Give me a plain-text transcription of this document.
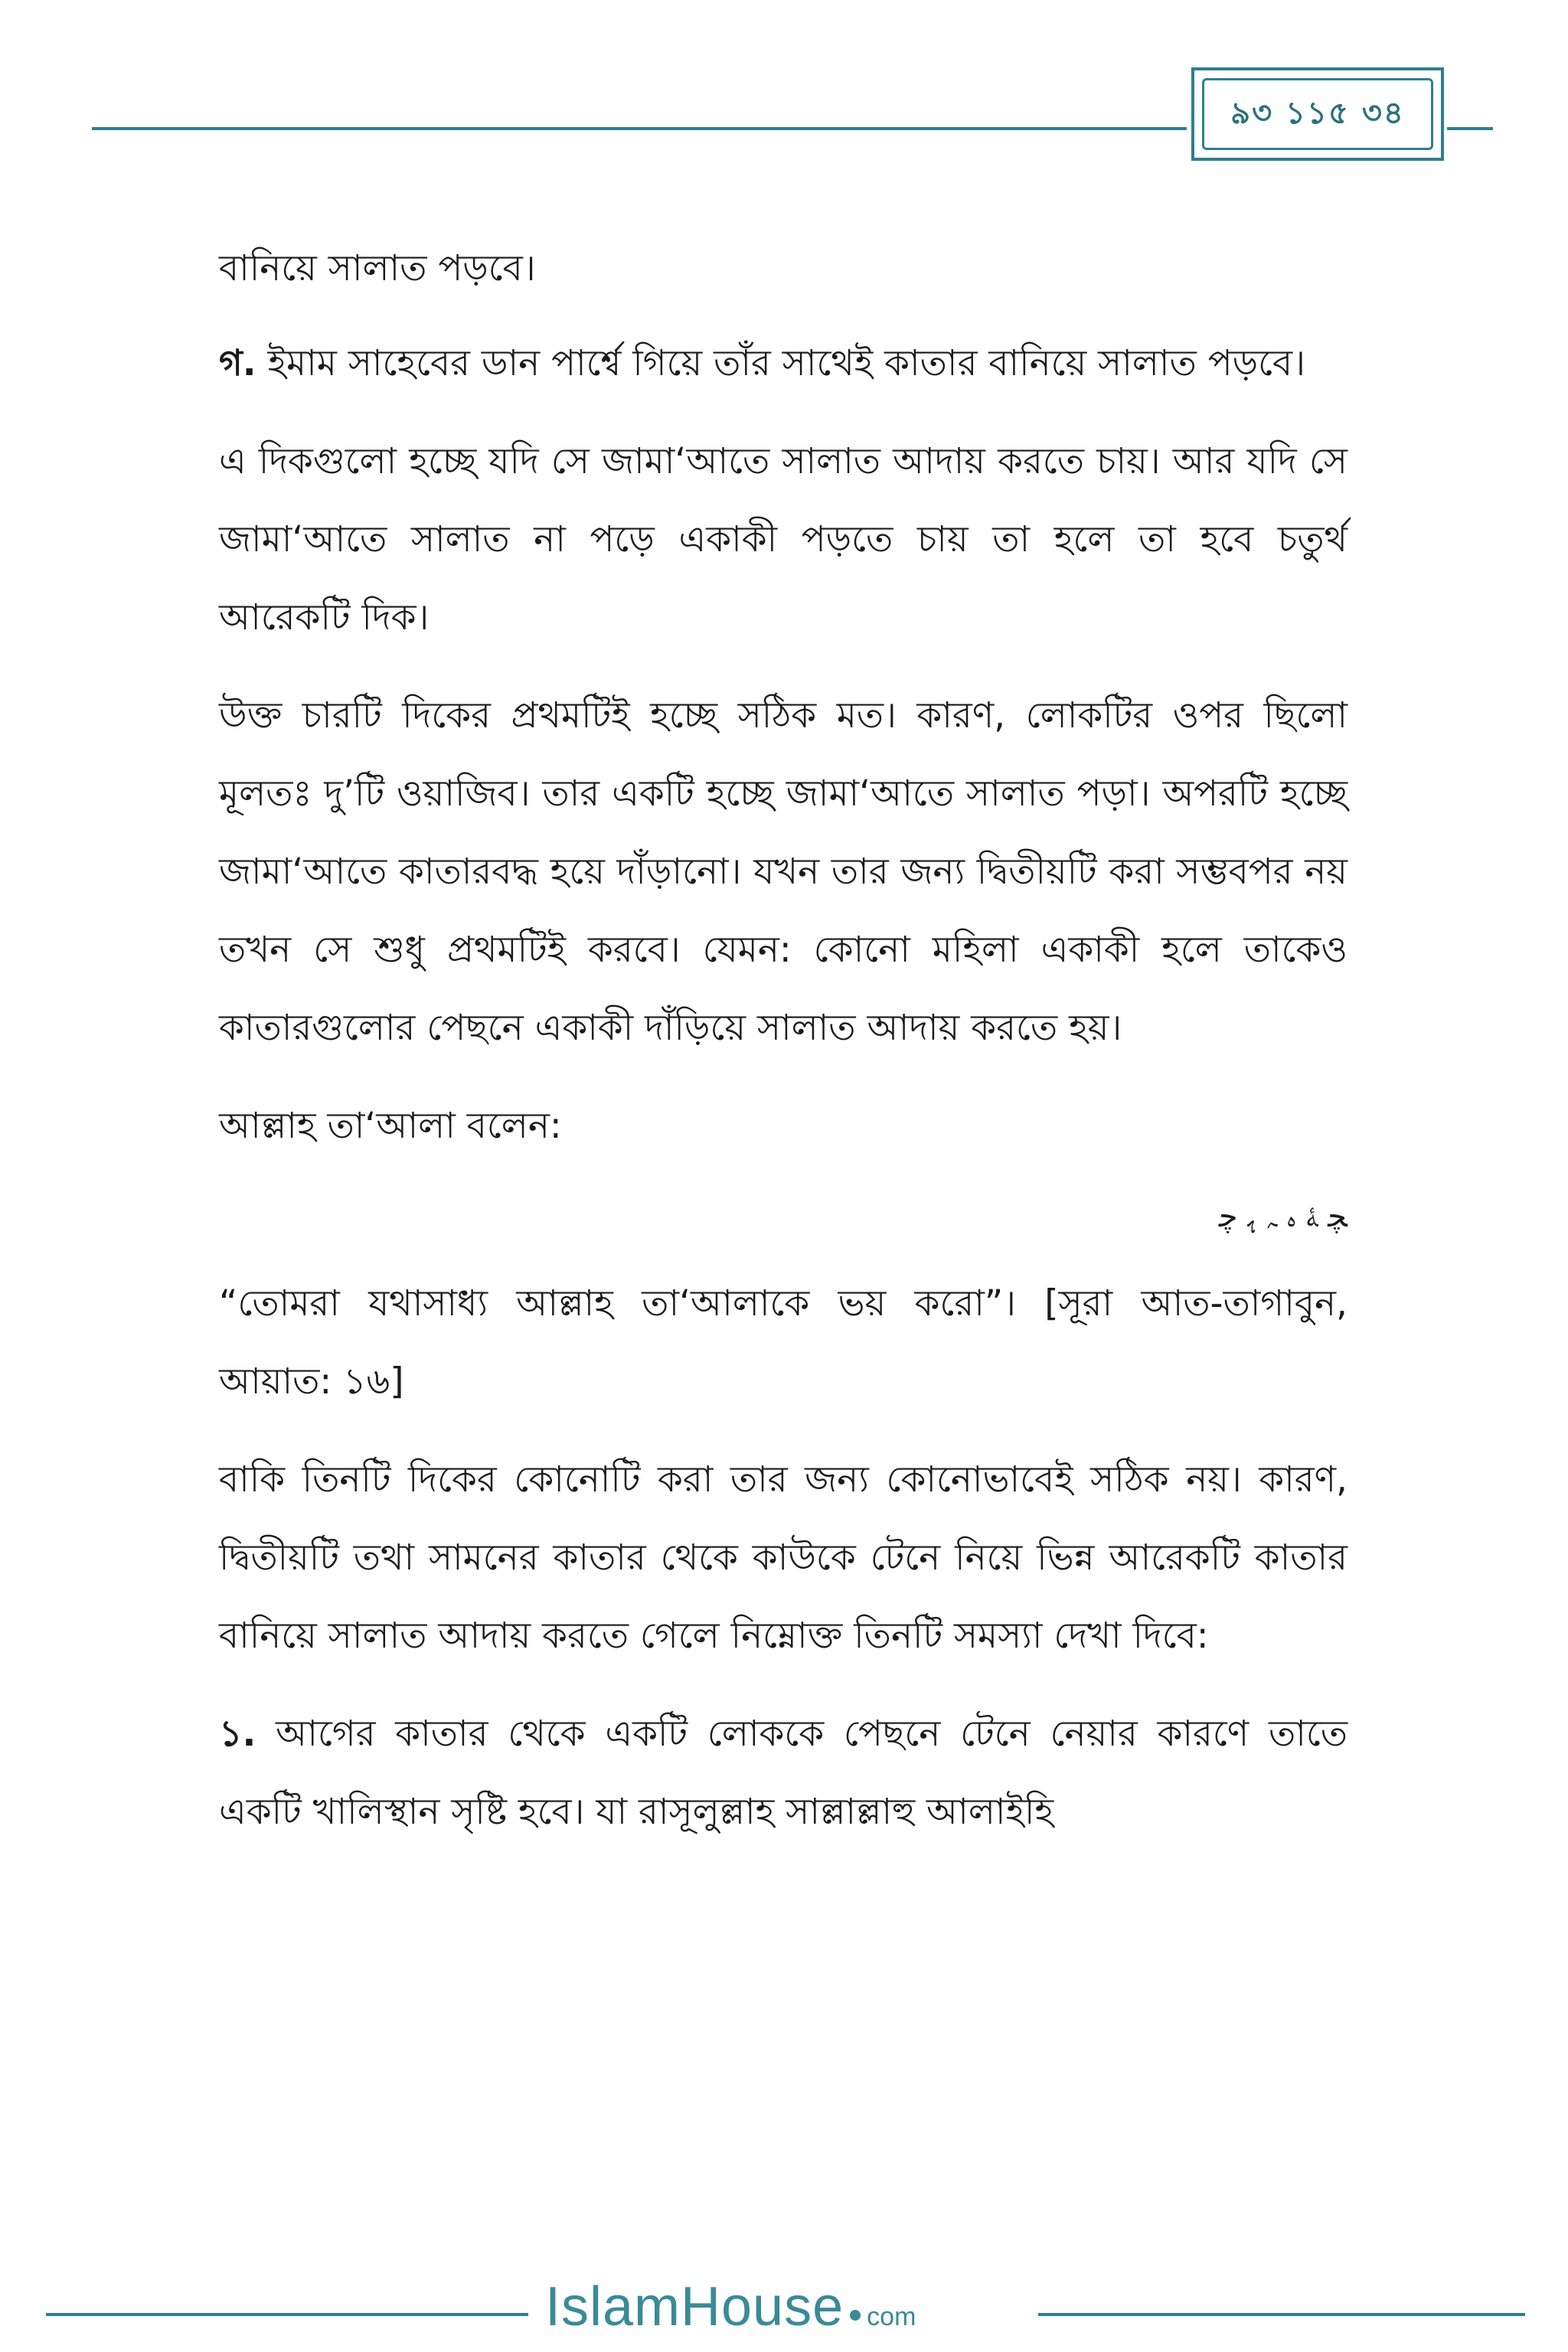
৯৩ ১১৫ ৩৪

বানিয়ে সালাত পড়বে।

গ. ইমাম সাহেবের ডান পার্শ্বে গিয়ে তাঁর সাথেই কাতার বানিয়ে সালাত পড়বে।

এ দিকগুলো হচ্ছে যদি সে জামা‘আতে সালাত আদায় করতে চায়। আর যদি সে জামা‘আতে সালাত না পড়ে একাকী পড়তে চায় তা হলে তা হবে চতুর্থ আরেকটি দিক।

উক্ত চারটি দিকের প্রথমটিই হচ্ছে সঠিক মত। কারণ, লোকটির ওপর ছিলো মূলতঃ দু’টি ওয়াজিব। তার একটি হচ্ছে জামা‘আতে সালাত পড়া। অপরটি হচ্ছে জামা‘আতে কাতারবদ্ধ হয়ে দাঁড়ানো। যখন তার জন্য দ্বিতীয়টি করা সম্ভবপর নয় তখন সে শুধু প্রথমটিই করবে। যেমন: কোনো মহিলা একাকী হলে তাকেও কাতারগুলোর পেছনে একাকী দাঁড়িয়ে সালাত আদায় করতে হয়।

আল্লাহ তা‘আলা বলেন:

ﭽ ﮥ ﮦ ﮧ ﮨ ﭼ

“তোমরা যথাসাধ্য আল্লাহ তা‘আলাকে ভয় করো”। [সূরা আত-তাগাবুন, আয়াত: ১৬]

বাকি তিনটি দিকের কোনোটি করা তার জন্য কোনোভাবেই সঠিক নয়। কারণ, দ্বিতীয়টি তথা সামনের কাতার থেকে কাউকে টেনে নিয়ে ভিন্ন আরেকটি কাতার বানিয়ে সালাত আদায় করতে গেলে নিম্নোক্ত তিনটি সমস্যা দেখা দিবে:

১. আগের কাতার থেকে একটি লোককে পেছনে টেনে নেয়ার কারণে তাতে একটি খালিস্থান সৃষ্টি হবে। যা রাসূলুল্লাহ সাল্লাল্লাহু আলাইহি

IslamHouse com
